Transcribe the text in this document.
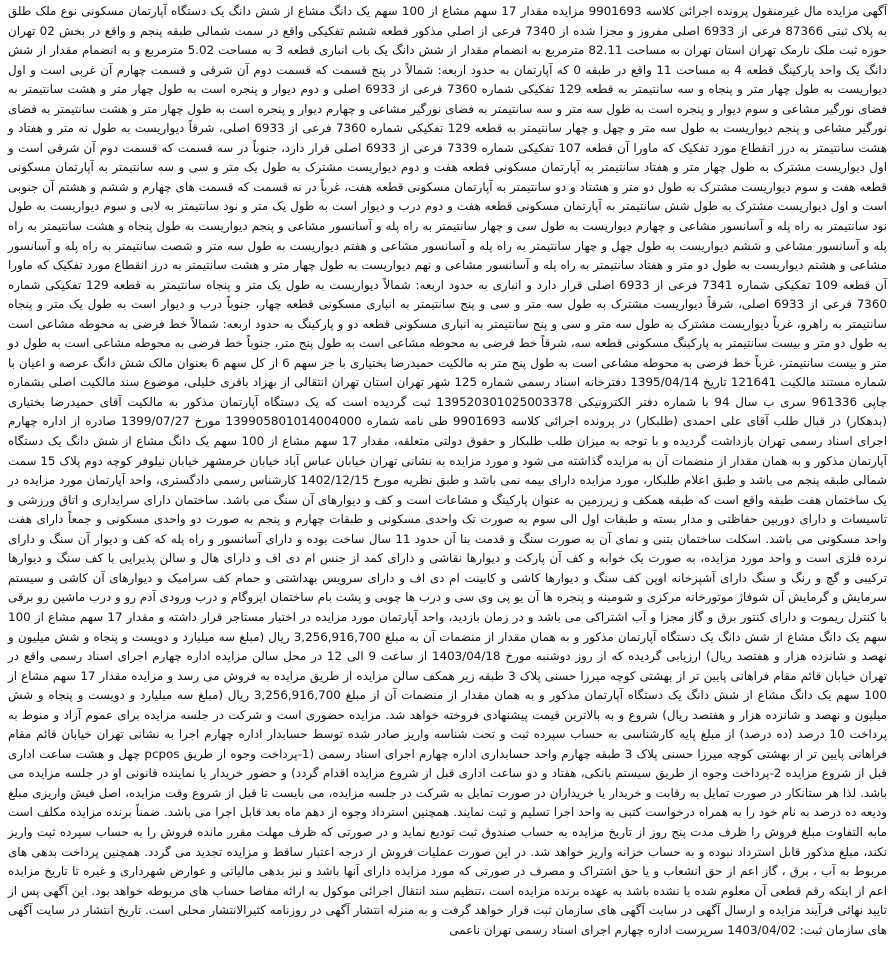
آگهی مزایده مال غیرمنقول پرونده اجرائی کلاسه 9901693 مزایده مقدار 17 سهم مشاع از 100 سهم یک دانگ مشاع از شش دانگ یک دستگاه آپارتمان مسکونی نوع ملک طلق به پلاک ثبتی 87366 فرعی از 6933 اصلی مفروز و مجزا شده از 7340 فرعی از اصلی مذکور قطعه ششم تفکیکی واقع در سمت شمالی طبقه پنجم و واقع در بخش 02 تهران حوزه ثبت ملک نارمک تهران استان تهران به مساحت 82.11 مترمربع به انضمام مقدار از شش دانگ یک باب انباری قطعه 3 به مساحت 5.02 مترمربع و به انضمام مقدار از شش دانگ یک واحد پارکینگ قطعه 4 به مساحت 11 واقع در طبقه 0 که آپارتمان به حدود اربعه: شمالاً در پنج قسمت که قسمت دوم آن شرقی و قسمت چهارم آن غربی است و اول دیواریست به طول چهار متر و پنجاه و سه سانتیمتر به قطعه 129 تفکیکی شماره 7360 فرعی از 6933 اصلی و دوم دیوار و پنجره است به طول چهار متر و هشت سانتیمتر به فضای نورگیر مشاعی و سوم دیوار و پنجره است به طول سه متر و سه سانتیمتر به فضای نورگیر مشاعی و چهارم دیوار و پنجره است به طول چهار متر و هشت سانتیمتر به فضای نورگیر مشاعی و پنجم دیواریست به طول سه متر و چهل و چهار سانتیمتر به قطعه 129 تفکیکی شماره 7360 فرعی از 6933 اصلی، شرقاً دیواریست به طول نه متر و هفتاد و هشت سانتیمتر به درز انقطاع مورد تفکیک که ماورا آن قطعه 107 تفکیکی شماره 7339 فرعی از 6933 اصلی قرار دارد، جنوباً در سه قسمت که قسمت دوم آن شرقی است و اول دیواریست مشترک به طول چهار متر و هفتاد سانتیمتر به آپارتمان مسکونی قطعه هفت و دوم دیواریست مشترک به طول یک متر و سی و سه سانتیمتر به آپارتمان مسکونی قطعه هفت و سوم دیواریست مشترک به طول دو متر و هشتاد و دو سانتیمتر به آپارتمان مسکونی قطعه هفت، غرباً در نه قسمت که قسمت های چهارم و ششم و هشتم آن جنوبی است و اول دیواریست مشترک به طول شش سانتیمتر به آپارتمان مسکونی قطعه هفت و دوم درب و دیوار است به طول یک متر و نود سانتیمتر به لابی و سوم دیواریست به طول نود سانتیمتر به راه پله و آسانسور مشاعی و چهارم دیواریست به طول سی و چهار سانتیمتر به راه پله و آسانسور مشاعی و پنجم دیواریست به طول پنجاه و هشت سانتیمتر به راه پله و آسانسور مشاعی و ششم دیواریست به طول چهل و چهار سانتیمتر به راه پله و آسانسور مشاعی و هفتم دیواریست به طول سه متر و شصت سانتیمتر به راه پله و آسانسور مشاعی و هشتم دیواریست به طول دو متر و هفتاد سانتیمتر به راه پله و آسانسور مشاعی و نهم دیواریست به طول چهار متر و هشت سانتیمتر به درز انقطاع مورد تفکیک که ماورا آن قطعه 109 تفکیکی شماره 7341 فرعی از 6933 اصلی قرار دارد و انباری به حدود اربعه: شمالاً دیواریست به طول یک متر و پنجاه سانتیمتر به قطعه 129 تفکیکی شماره 7360 فرعی از 6933 اصلی، شرقاً دیواریست مشترک به طول سه متر و سی و پنج سانتیمتر به انباری مسکونی قطعه چهار، جنوباً درب و دیوار است به طول یک متر و پنجاه سانتیمتر به راهرو، غرباً دیواریست مشترک به طول سه متر و سی و پنج سانتیمتر به انباری مسکونی قطعه دو و پارکینگ به حدود اربعه: شمالاً خط فرضی به محوطه مشاعی است به طول دو متر و بیست سانتیمتر به پارکینگ مسکونی قطعه سه، شرقاً خط فرضی به محوطه مشاعی است به طول پنج متر، جنوباً خط فرضی به محوطه مشاعی است به طول دو متر و بیست سانتیمتر، غرباً خط فرضی به محوطه مشاعی است به طول پنج متر به مالکیت حمیدرضا بختیاری با جز سهم 6 از کل سهم 6 بعنوان مالک شش دانگ عرصه و اعیان با شماره مستند مالکیت 121641 تاریخ 1395/04/14 دفترخانه اسناد رسمی شماره 125 شهر تهران استان تهران انتقالی از بهزاد باقری خلیلی، موضوع سند مالکیت اصلی بشماره چاپی 961336 سری ب سال 94 با شماره دفتر الکترونیکی 139520301025003378 ثبت گردیده است که یک دستگاه آپارتمان مذکور به مالکیت آقای حمیدرضا بختیاری (بدهکار) در قبال طلب آقای علی احمدی (طلبکار) در پرونده اجرائی کلاسه 9901693 طی نامه شماره 139905801014004000 مورخ 1399/07/27 صادره از اداره چهارم اجرای اسناد رسمی تهران بازداشت گردیده و با توجه به میزان طلب طلبکار و حقوق دولتی متعلقه، مقدار 17 سهم مشاع از 100 سهم یک دانگ مشاع از شش دانگ یک دستگاه آپارتمان مذکور و به همان مقدار از منضمات آن به مزایده گذاشته می شود و مورد مزایده به نشانی تهران خیابان عباس آباد خیابان خرمشهر خیابان نیلوفر کوچه دوم پلاک 15 سمت شمالی طبقه پنجم می باشد و طبق اعلام طلبکار، مورد مزایده دارای بیمه نمی باشد و طبق نظریه مورخ 1402/12/15 کارشناس رسمی دادگستری، واحد آپارتمان مورد مزایده در یک ساختمان هفت طبقه واقع است که طبقه همکف و زیرزمین به عنوان پارکینگ و مشاعات است و کف و دیوارهای آن سنگ می باشد. ساختمان دارای سرایداری و اتاق ورزشی و تاسیسات و دارای دوربین حفاظتی و مدار بسته و طبقات اول الی سوم به صورت تک واحدی مسکونی و طبقات چهارم و پنجم به صورت دو واحدی مسکونی و جمعاً دارای هفت واحد مسکونی می باشد. اسکلت ساختمان بتنی و نمای آن به صورت سنگ و قدمت بنا آن حدود 11 سال ساخت بوده و دارای آسانسور و راه پله که کف و دیوار آن سنگ و دارای نرده فلزی است و واحد مورد مزایده، به صورت یک خوابه و کف آن پارکت و دیوارها نقاشی و دارای کمد از جنس ام دی اف و دارای هال و سالن پذیرایی با کف سنگ و دیوارها ترکیبی و گچ و رنگ و سنگ دارای آشپزخانه اوپن کف سنگ و دیوارها کاشی و کابینت ام دی اف و دارای سرویس بهداشتی و حمام کف سرامیک و دیوارهای آن کاشی و سیستم سرمایش و گرمایش آن شوفاژ موتورخانه مرکزی و شومینه و پنجره ها آن یو پی وی سی و درب ها چوبی و پشت بام ساختمان ایزوگام و درب ورودی آدم رو و درب ماشین رو برقی با کنترل ریموت و دارای کنتور برق و گاز مجزا و آب اشتراکی می باشد و در زمان بازدید، واحد آپارتمان مورد مزایده در اختیار مستاجر قرار داشته و مقدار 17 سهم مشاع از 100 سهم یک دانگ مشاع از شش دانگ یک دستگاه آپارتمان مذکور و به همان مقدار از منضمات آن به مبلغ 3,256,916,700 ریال (مبلغ سه میلیارد و دویست و پنجاه و شش میلیون و نهصد و شانزده هزار و هفتصد ریال) ارزیابی گردیده که از روز دوشنبه مورخ 1403/04/18 از ساعت 9 الی 12 در محل سالن مزایده اداره چهارم اجرای اسناد رسمی واقع در تهران خیابان قائم مقام فراهانی پایین تر از بهشتی کوچه میرزا حسنی پلاک 3 طبقه زیر همکف سالن مزایده از طریق مزایده به فروش می رسد و مزایده مقدار 17 سهم مشاع از 100 سهم یک دانگ مشاع از شش دانگ یک دستگاه آپارتمان مذکور و به همان مقدار از منضمات آن از مبلغ 3,256,916,700 ریال (مبلغ سه میلیارد و دویست و پنجاه و شش میلیون و نهصد و شانزده هزار و هفتصد ریال) شروع و به بالاترین قیمت پیشنهادی فروخته خواهد شد. مزایده حضوری است و شرکت در جلسه مزایده برای عموم آزاد و منوط به پرداخت 10 درصد (ده درصد) از مبلغ پایه کارشناسی به حساب سپرده ثبت و تحت شناسه واریز صادر شده توسط حسابدار اداره چهارم اجرا به نشانی تهران خیابان قائم مقام فراهانی پایین تر از بهشتی کوچه میرزا حسنی پلاک 3 طبقه چهارم واحد حسابداری اداره چهارم اجرای اسناد رسمی (1-پرداخت وجوه از طریق pcpos چهل و هشت ساعت اداری قبل از شروع مزایده 2-پرداخت وجوه از طریق سیستم بانکی، هفتاد و دو ساعت اداری قبل از شروع مزایده اقدام گردد) و حضور خریدار یا نماینده قانونی او در جلسه مزایده می باشد. لذا هر ستانکار در صورت تمایل به رقابت و خریدار یا خریداران در صورت تمایل به شرکت در جلسه مزایده، می بایست تا قبل از شروع وقت مزایده، اصل فیش واریزی مبلغ ودیعه ده درصد به نام خود را به همراه درخواست کتبی به واحد اجرا تسلیم و ثبت نمایند. همچنین استرداد وجوه از دهم ماه بعد قابل اجرا می باشد. ضمناً برنده مزایده مکلف است مابه التفاوت مبلغ فروش را ظرف مدت پنج روز از تاریخ مزایده به حساب صندوق ثبت تودیع نماید و در صورتی که ظرف مهلت مقرر مانده فروش را به حساب سپرده ثبت واریز نکند، مبلغ مذکور قابل استرداد نبوده و به حساب خزانه واریز خواهد شد. در این صورت عملیات فروش از درجه اعتبار ساقط و مزایده تجدید می گردد. همچنین پرداخت بدهی های مربوط به آب ، برق ، گاز اعم از حق انشعاب و یا حق اشتراک و مصرف در صورتی که مورد مزایده دارای آنها باشد و نیز بدهی مالیاتی و عوارض شهرداری و غیره تا تاریخ مزایده اعم از اینکه رقم قطعی آن معلوم شده یا نشده باشد به عهده برنده مزایده است ،تنظیم سند انتقال اجرائی موکول به ارائه مفاصا حساب های مربوطه خواهد بود. این آگهی پس از تایید نهائی فرآیند مزایده و ارسال آگهی در سایت آگهی های سازمان ثبت قرار خواهد گرفت و به منزله انتشار آگهی در روزنامه کثیرالانتشار محلی است. تاریخ انتشار در سایت آگهی های سازمان ثبت: 1403/04/02 سرپرست اداره چهارم اجرای اسناد رسمی تهران ناعمی
